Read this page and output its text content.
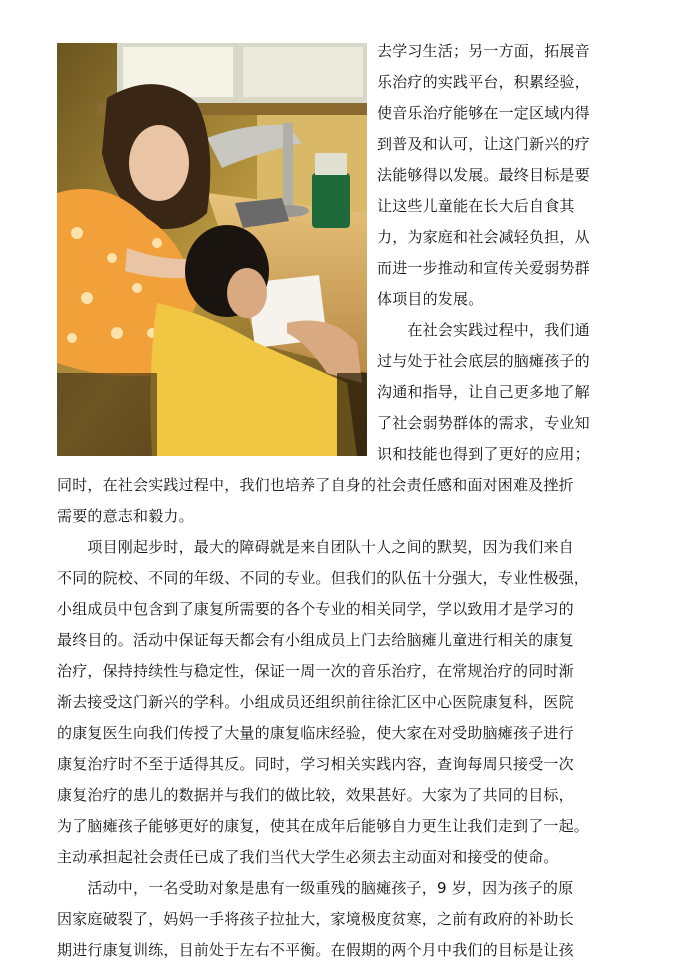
去学习生活；另一方面，拓展音
乐治疗的实践平台，积累经验，
使音乐治疗能够在一定区域内得
到普及和认可，让这门新兴的疗
法能够得以发展。最终目标是要
让这些儿童能在长大后自食其
力，为家庭和社会减轻负担，从
而进一步推动和宣传关爱弱势群
体项目的发展。
　　在社会实践过程中，我们通
过与处于社会底层的脑瘫孩子的
沟通和指导，让自己更多地了解
了社会弱势群体的需求，专业知
识和技能也得到了更好的应用；
同时，在社会实践过程中，我们也培养了自身的社会责任感和面对困难及挫折
需要的意志和毅力。
　　项目刚起步时，最大的障碍就是来自团队十人之间的默契，因为我们来自
不同的院校、不同的年级、不同的专业。但我们的队伍十分强大，专业性极强，
小组成员中包含到了康复所需要的各个专业的相关同学，学以致用才是学习的
最终目的。活动中保证每天都会有小组成员上门去给脑瘫儿童进行相关的康复
治疗，保持持续性与稳定性，保证一周一次的音乐治疗，在常规治疗的同时渐
渐去接受这门新兴的学科。小组成员还组织前往徐汇区中心医院康复科，医院
的康复医生向我们传授了大量的康复临床经验，使大家在对受助脑瘫孩子进行
康复治疗时不至于适得其反。同时，学习相关实践内容，查询每周只接受一次
康复治疗的患儿的数据并与我们的做比较，效果甚好。大家为了共同的目标，
为了脑瘫孩子能够更好的康复，使其在成年后能够自力更生让我们走到了一起。
主动承担起社会责任已成了我们当代大学生必须去主动面对和接受的使命。
　　活动中，一名受助对象是患有一级重残的脑瘫孩子，9 岁，因为孩子的原
因家庭破裂了，妈妈一手将孩子拉扯大，家境极度贫寒，之前有政府的补助长
期进行康复训练，目前处于左右不平衡。在假期的两个月中我们的目标是让孩
